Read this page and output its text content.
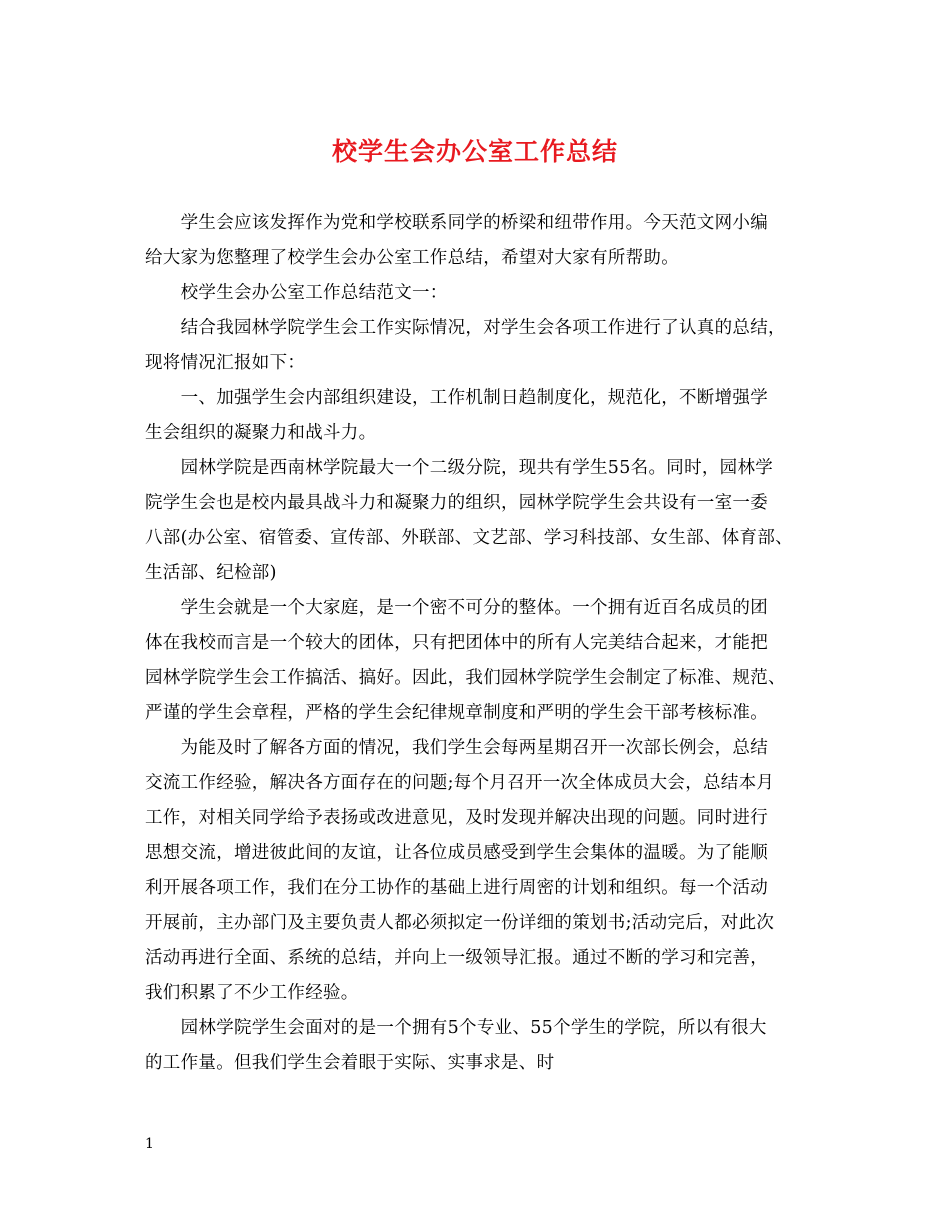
校学生会办公室工作总结
　　学生会应该发挥作为党和学校联系同学的桥梁和纽带作用。今天范文网小编
给大家为您整理了校学生会办公室工作总结，希望对大家有所帮助。
　　校学生会办公室工作总结范文一：
　　结合我园林学院学生会工作实际情况，对学生会各项工作进行了认真的总结，
现将情况汇报如下：
　　一、加强学生会内部组织建设，工作机制日趋制度化，规范化，不断增强学
生会组织的凝聚力和战斗力。
　　园林学院是西南林学院最大一个二级分院，现共有学生55名。同时，园林学
院学生会也是校内最具战斗力和凝聚力的组织，园林学院学生会共设有一室一委
八部(办公室、宿管委、宣传部、外联部、文艺部、学习科技部、女生部、体育部、
生活部、纪检部)
　　学生会就是一个大家庭，是一个密不可分的整体。一个拥有近百名成员的团
体在我校而言是一个较大的团体，只有把团体中的所有人完美结合起来，才能把
园林学院学生会工作搞活、搞好。因此，我们园林学院学生会制定了标准、规范、
严谨的学生会章程，严格的学生会纪律规章制度和严明的学生会干部考核标准。
　　为能及时了解各方面的情况，我们学生会每两星期召开一次部长例会，总结
交流工作经验，解决各方面存在的问题;每个月召开一次全体成员大会，总结本月
工作，对相关同学给予表扬或改进意见，及时发现并解决出现的问题。同时进行
思想交流，增进彼此间的友谊，让各位成员感受到学生会集体的温暖。为了能顺
利开展各项工作，我们在分工协作的基础上进行周密的计划和组织。每一个活动
开展前，主办部门及主要负责人都必须拟定一份详细的策划书;活动完后，对此次
活动再进行全面、系统的总结，并向上一级领导汇报。通过不断的学习和完善，
我们积累了不少工作经验。
　　园林学院学生会面对的是一个拥有5个专业、55个学生的学院，所以有很大
的工作量。但我们学生会着眼于实际、实事求是、时
1
